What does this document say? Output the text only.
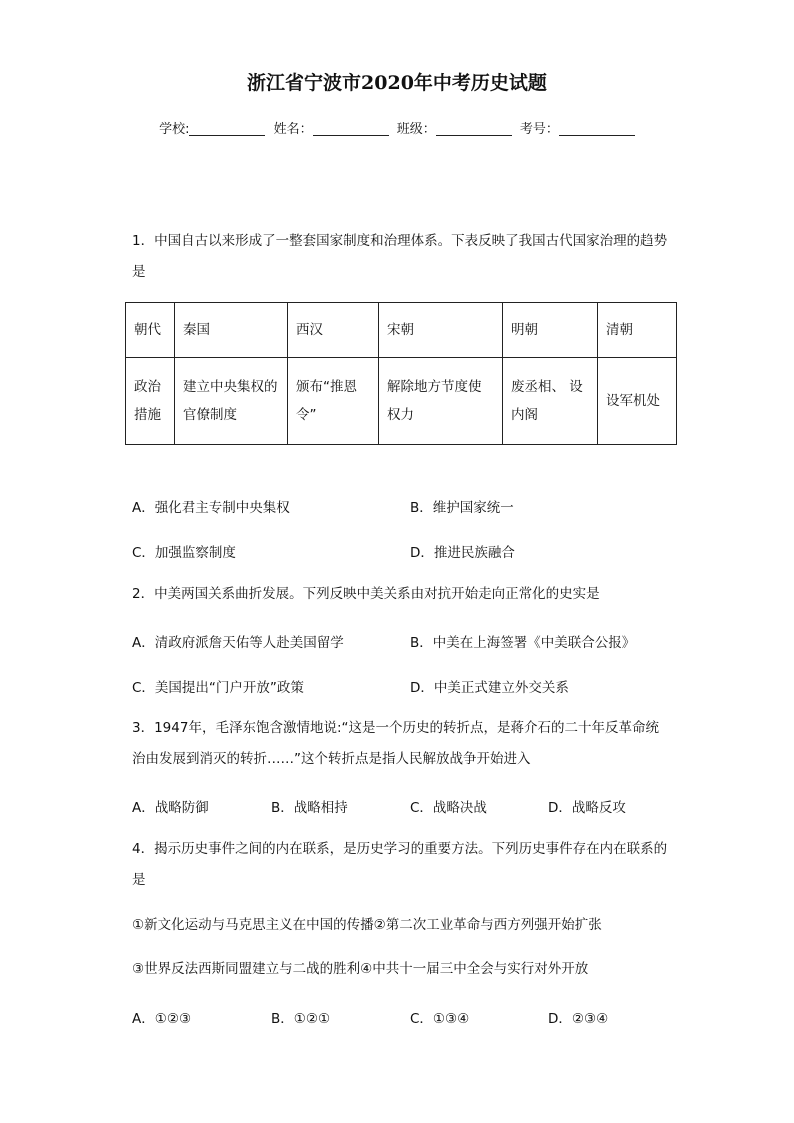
浙江省宁波市2020年中考历史试题
学校:	姓名：	班级：	考号：
1．中国自古以来形成了一整套国家制度和治理体系。下表反映了我国古代国家治理的趋势是
朝代	秦国	西汉	宋朝	明朝	清朝
政治措施	建立中央集权的官僚制度	颁布“推恩令”	解除地方节度使权力	废丞相、 设内阁	设军机处
A．强化君主专制中央集权	B．维护国家统一
C．加强监察制度	D．推进民族融合
2．中美两国关系曲折发展。下列反映中美关系由对抗开始走向正常化的史实是
A．清政府派詹天佑等人赴美国留学	B．中美在上海签署《中美联合公报》
C．美国提出“门户开放”政策	D．中美正式建立外交关系
3．1947年，毛泽东饱含激情地说:“这是一个历史的转折点，是蒋介石的二十年反革命统治由发展到消灭的转折……”这个转折点是指人民解放战争开始进入
A．战略防御	B．战略相持	C．战略决战	D．战略反攻
4．揭示历史事件之间的内在联系，是历史学习的重要方法。下列历史事件存在内在联系的是
①新文化运动与马克思主义在中国的传播②第二次工业革命与西方列强开始扩张
③世界反法西斯同盟建立与二战的胜利④中共十一届三中全会与实行对外开放
A．①②③	B．①②①	C．①③④	D．②③④
